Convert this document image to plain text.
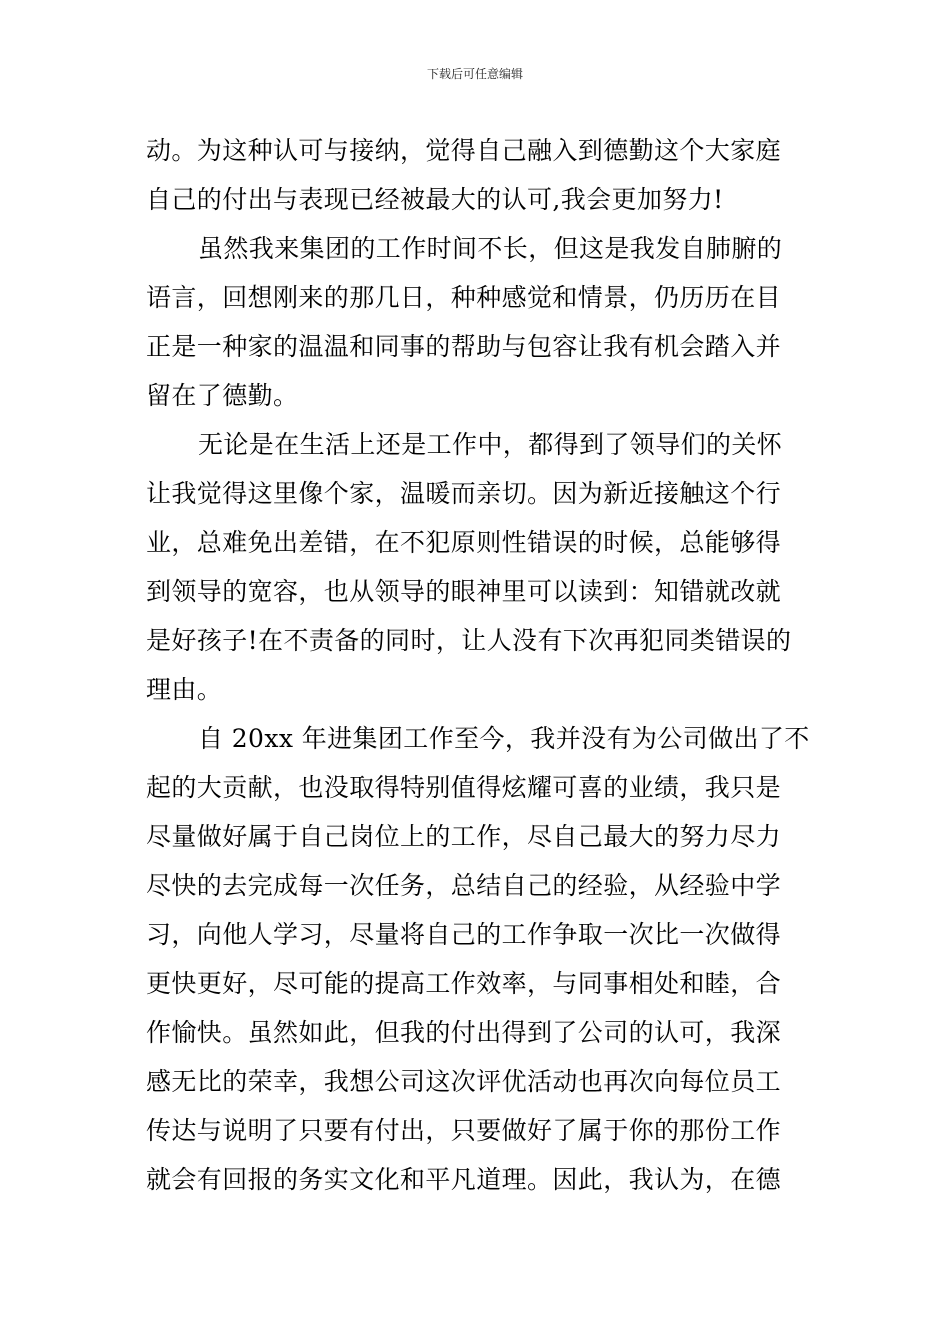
下载后可任意编辑
动。为这种认可与接纳，觉得自己融入到德勤这个大家庭
自己的付出与表现已经被最大的认可,我会更加努力!
虽然我来集团的工作时间不长，但这是我发自肺腑的
语言，回想刚来的那几日，种种感觉和情景，仍历历在目
正是一种家的温温和同事的帮助与包容让我有机会踏入并
留在了德勤。
无论是在生活上还是工作中，都得到了领导们的关怀
让我觉得这里像个家，温暖而亲切。因为新近接触这个行
业，总难免出差错，在不犯原则性错误的时候，总能够得
到领导的宽容，也从领导的眼神里可以读到：知错就改就
是好孩子!在不责备的同时，让人没有下次再犯同类错误的
理由。
自 20xx 年进集团工作至今，我并没有为公司做出了不
起的大贡献，也没取得特别值得炫耀可喜的业绩，我只是
尽量做好属于自己岗位上的工作，尽自己最大的努力尽力
尽快的去完成每一次任务，总结自己的经验，从经验中学
习，向他人学习，尽量将自己的工作争取一次比一次做得
更快更好，尽可能的提高工作效率，与同事相处和睦，合
作愉快。虽然如此，但我的付出得到了公司的认可，我深
感无比的荣幸，我想公司这次评优活动也再次向每位员工
传达与说明了只要有付出，只要做好了属于你的那份工作
就会有回报的务实文化和平凡道理。因此，我认为，在德
